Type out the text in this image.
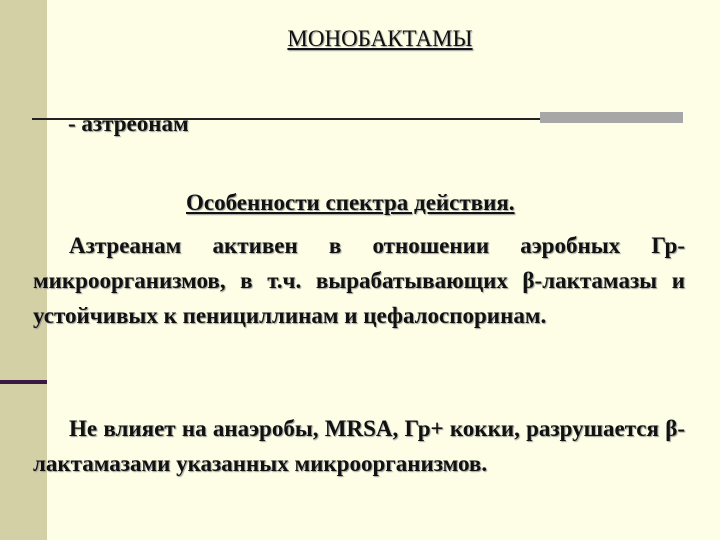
МОНОБАКТАМЫ
- азтреонам
Особенности спектра действия.

Азтреанам активен в отношении аэробных Гр- микроорганизмов, в т.ч. вырабатывающих β-лактамазы и устойчивых к пенициллинам и цефалоспоринам.

Не влияет на анаэробы, MRSA, Гр+ кокки, разрушается β-лактамазами указанных микроорганизмов.
